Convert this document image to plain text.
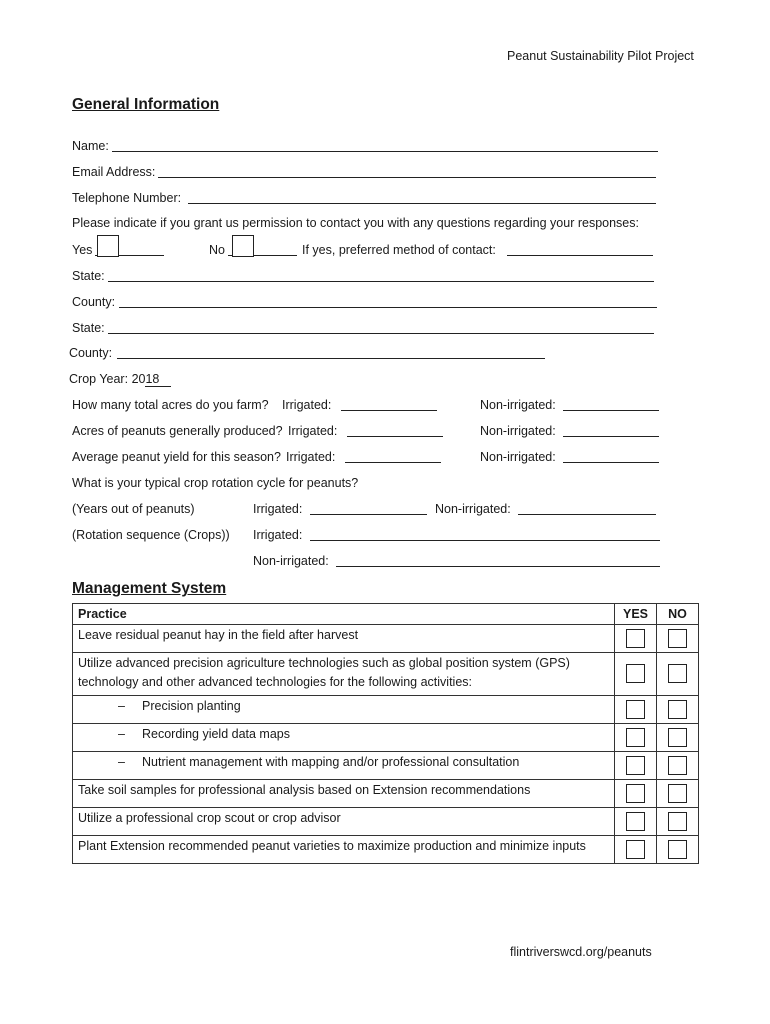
Peanut Sustainability Pilot Project
General Information
Name:
Email Address:
Telephone Number:
Please indicate if you grant us permission to contact you with any questions regarding your responses:
Yes	No	If yes, preferred method of contact:
State:
County:
State:
County:
Crop Year: 2018
How many total acres do you farm? Irrigated:	Non-irrigated:
Acres of peanuts generally produced? Irrigated:	Non-irrigated:
Average peanut yield for this season? Irrigated:	Non-irrigated:
What is your typical crop rotation cycle for peanuts?
(Years out of peanuts)	Irrigated:	Non-irrigated:
(Rotation sequence (Crops)) Irrigated:
Non-irrigated:
Management System
Practice	YES	NO
Leave residual peanut hay in the field after harvest	

Utilize advanced precision agriculture technologies such as global position system (GPS) technology and other advanced technologies for the following activities:	

– Precision planting	

– Recording yield data maps	

– Nutrient management with mapping and/or professional consultation	

Take soil samples for professional analysis based on Extension recommendations	

Utilize a professional crop scout or crop advisor	

Plant Extension recommended peanut varieties to maximize production and minimize inputs	

flintriverswcd.org/peanuts
